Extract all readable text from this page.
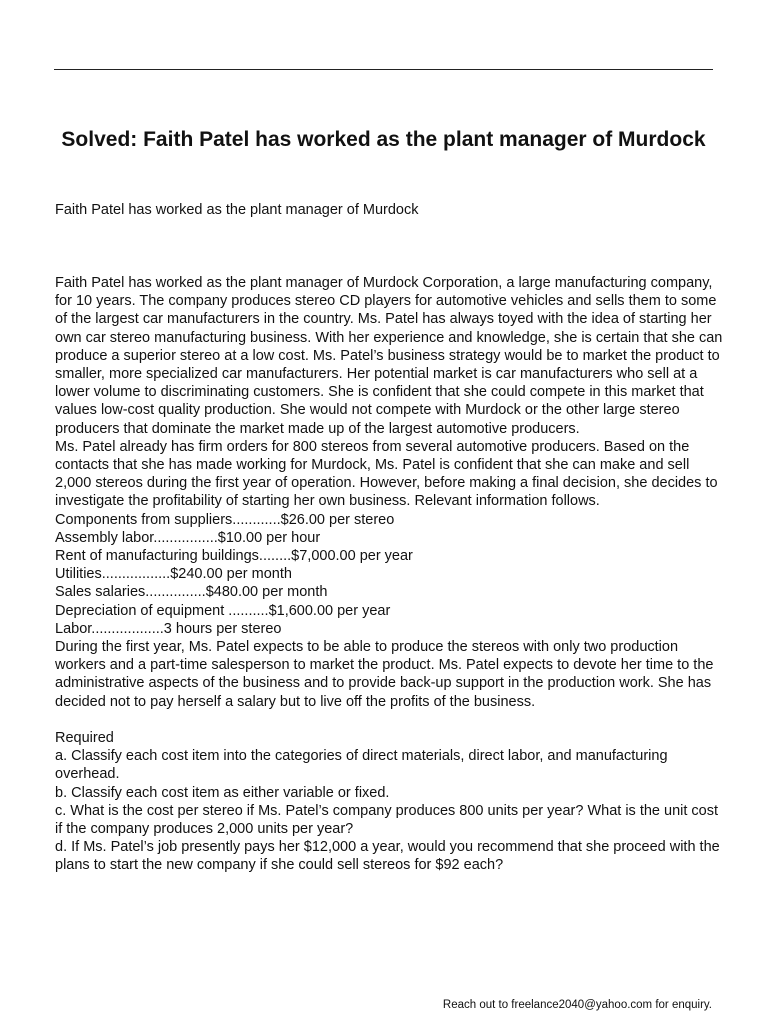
Solved: Faith Patel has worked as the plant manager of Murdock

Faith Patel has worked as the plant manager of Murdock

Faith Patel has worked as the plant manager of Murdock Corporation, a large manufacturing company, for 10 years. The company produces stereo CD players for automotive vehicles and sells them to some of the largest car manufacturers in the country. Ms. Patel has always toyed with the idea of starting her own car stereo manufacturing business. With her experience and knowledge, she is certain that she can produce a superior stereo at a low cost. Ms. Patel’s business strategy would be to market the product to smaller, more specialized car manufacturers. Her potential market is car manufacturers who sell at a lower volume to discriminating customers. She is confident that she could compete in this market that values low-cost quality production. She would not compete with Murdock or the other large stereo producers that dominate the market made up of the largest automotive producers.

Ms. Patel already has firm orders for 800 stereos from several automotive producers. Based on the contacts that she has made working for Murdock, Ms. Patel is confident that she can make and sell 2,000 stereos during the first year of operation. However, before making a final decision, she decides to investigate the profitability of starting her own business. Relevant information follows.

Components from suppliers............$26.00 per stereo

Assembly labor................$10.00 per hour

Rent of manufacturing buildings........$7,000.00 per year

Utilities.................$240.00 per month

Sales salaries...............$480.00 per month

Depreciation of equipment ..........$1,600.00 per year

Labor..................3 hours per stereo

During the first year, Ms. Patel expects to be able to produce the stereos with only two production workers and a part-time salesperson to market the product. Ms. Patel expects to devote her time to the administrative aspects of the business and to provide back-up support in the production work. She has decided not to pay herself a salary but to live off the profits of the business.

Required

a. Classify each cost item into the categories of direct materials, direct labor, and manufacturing overhead.

b. Classify each cost item as either variable or fixed.

c. What is the cost per stereo if Ms. Patel’s company produces 800 units per year? What is the unit cost if the company produces 2,000 units per year?

d. If Ms. Patel’s job presently pays her $12,000 a year, would you recommend that she proceed with the plans to start the new company if she could sell stereos for $92 each?

Reach out to freelance2040@yahoo.com for enquiry.
